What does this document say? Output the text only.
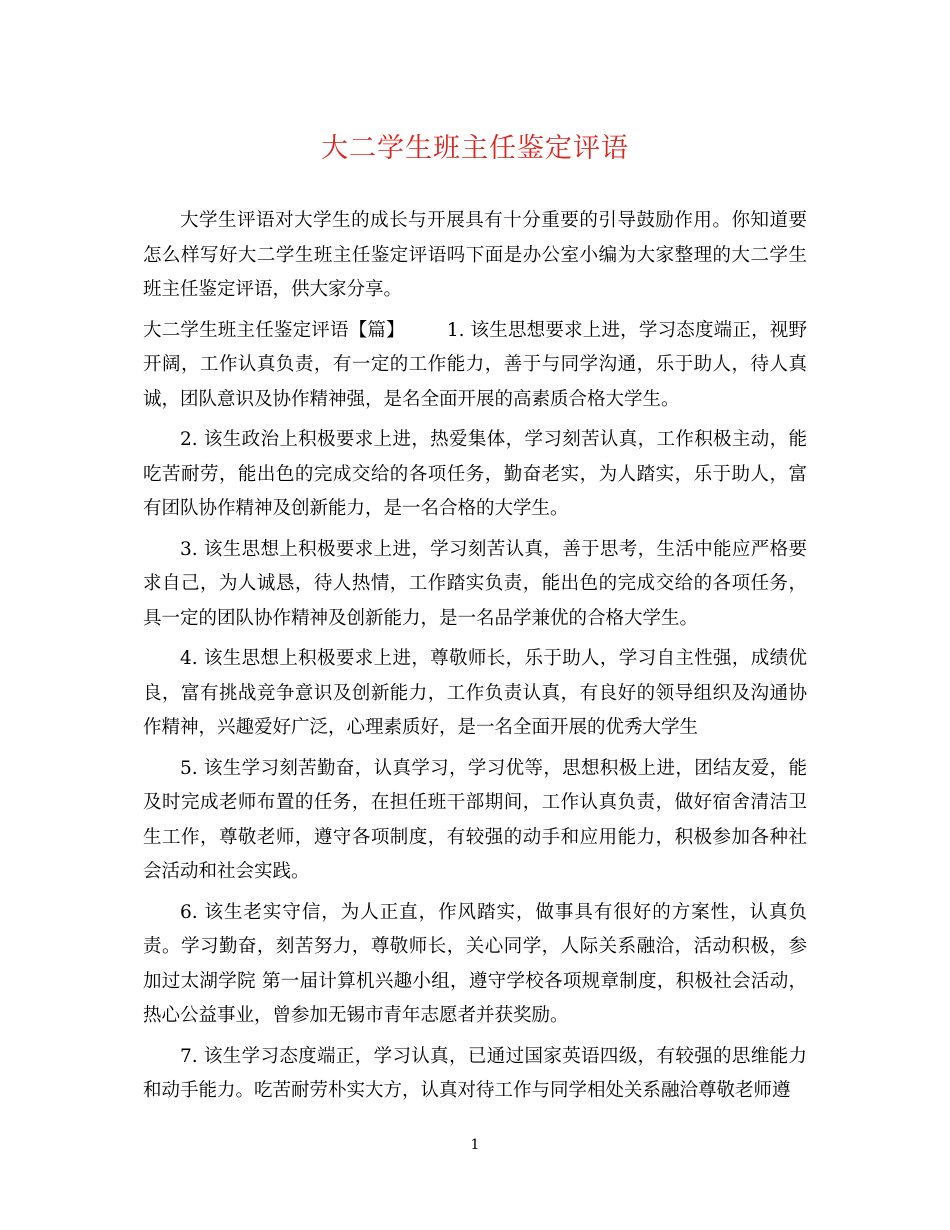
大二学生班主任鉴定评语

大学生评语对大学生的成长与开展具有十分重要的引导鼓励作用。你知道要怎么样写好大二学生班主任鉴定评语吗下面是办公室小编为大家整理的大二学生班主任鉴定评语，供大家分享。

大二学生班主任鉴定评语【篇】 1. 该生思想要求上进，学习态度端正，视野开阔，工作认真负责，有一定的工作能力，善于与同学沟通，乐于助人，待人真诚，团队意识及协作精神强，是名全面开展的高素质合格大学生。

2. 该生政治上积极要求上进，热爱集体，学习刻苦认真，工作积极主动，能吃苦耐劳，能出色的完成交给的各项任务，勤奋老实，为人踏实，乐于助人，富有团队协作精神及创新能力，是一名合格的大学生。

3. 该生思想上积极要求上进，学习刻苦认真，善于思考，生活中能应严格要求自己，为人诚恳，待人热情，工作踏实负责，能出色的完成交给的各项任务，具一定的团队协作精神及创新能力，是一名品学兼优的合格大学生。

4. 该生思想上积极要求上进，尊敬师长，乐于助人，学习自主性强，成绩优良，富有挑战竞争意识及创新能力，工作负责认真，有良好的领导组织及沟通协作精神，兴趣爱好广泛，心理素质好，是一名全面开展的优秀大学生

5. 该生学习刻苦勤奋，认真学习，学习优等，思想积极上进，团结友爱，能及时完成老师布置的任务，在担任班干部期间，工作认真负责，做好宿舍清洁卫生工作，尊敬老师，遵守各项制度，有较强的动手和应用能力，积极参加各种社会活动和社会实践。

6. 该生老实守信，为人正直，作风踏实，做事具有很好的方案性，认真负责。学习勤奋，刻苦努力，尊敬师长，关心同学，人际关系融洽，活动积极，参加过太湖学院 第一届计算机兴趣小组，遵守学校各项规章制度，积极社会活动，热心公益事业，曾参加无锡市青年志愿者并获奖励。

7. 该生学习态度端正，学习认真，已通过国家英语四级，有较强的思维能力和动手能力。吃苦耐劳朴实大方，认真对待工作与同学相处关系融洽尊敬老师遵

1
